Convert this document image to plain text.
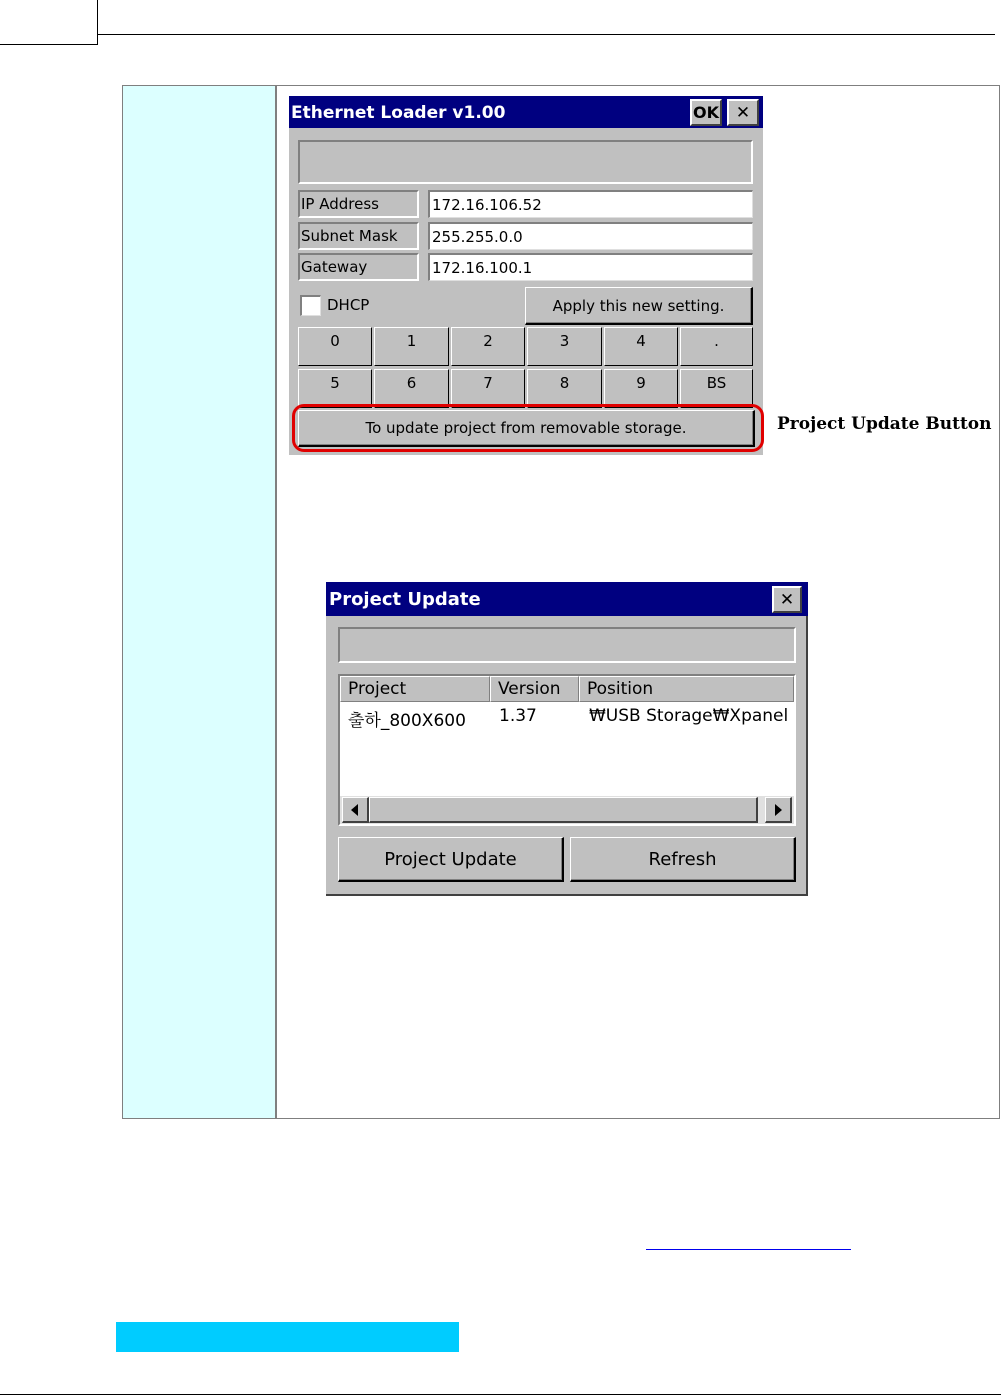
Ethernet Loader v1.00	OK ✕
IP Address	172.16.106.52
Subnet Mask	255.255.0.0
Gateway	172.16.100.1
DHCP	Apply this new setting.
0	1	2	3	4	.
5	6	7	8	9	BS
To update project from removable storage.	Project Update Button
Project Update	✕
Project	Version	Position
출하_800X600 1.37	₩USB Storage₩Xpanel
Project Update	Refresh
